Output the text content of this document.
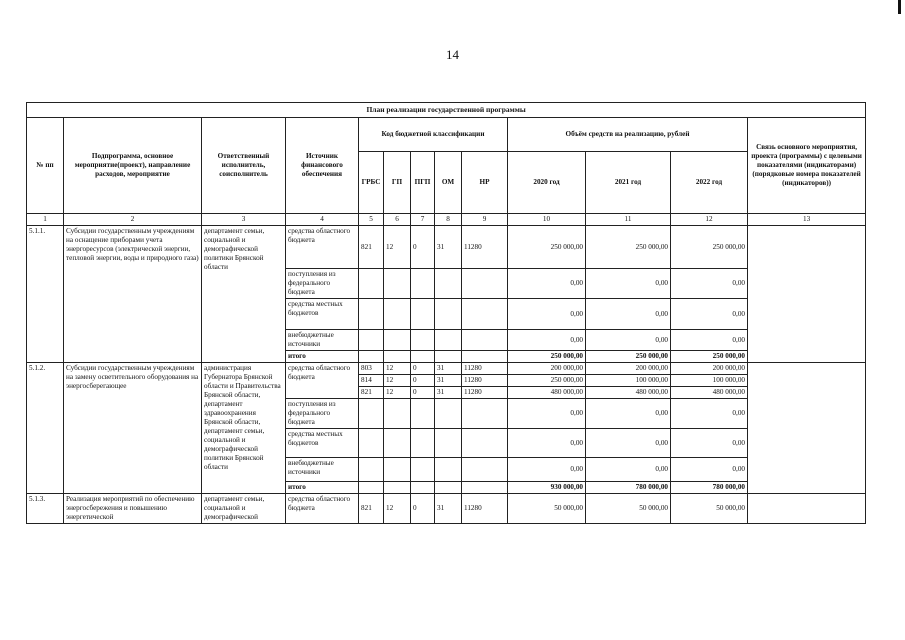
14
План реализации государственной программы												
№ пп	Подпрограмма, основное мероприятие(проект), направление расходов, мероприятие	Ответственный исполнитель, соисполнитель	Источник финансового обеспечения	Код бюджетной классификации					Объём средств на реализацию, рублей			Связь основного мероприятия, проекта (программы) с целевыми показателями (индикаторами) (порядковые номера показателей (индикаторов))
				ГРБС	ГП	ПГП	ОМ	НР	2020 год	2021 год	2022 год	
1	2	3	4	5	6	7	8	9	10	11	12	13
5.1.1.	Субсидии государственным учреждениям на оснащение приборами учета энергоресурсов (электрической энергии, тепловой энергии, воды и природного газа)	департамент семьи, социальной и демографической политики Брянской области	средства областного бюджета	821	12	0	31	11280	250 000,00	250 000,00	250 000,00	
			поступления из федерального бюджета						0,00	0,00	0,00	
			средства местных бюджетов						0,00	0,00	0,00	
			внебюджетные источники						0,00	0,00	0,00	
			итого						250 000,00	250 000,00	250 000,00	
5.1.2.	Субсидии государственным учреждениям на замену осветительного оборудования на энергосберегающее	администрация Губернатора Брянской области и Правительства Брянской области, департамент здравоохранения Брянской области, департамент семьи, социальной и демографической политики Брянской области	средства областного бюджета	803	12	0	31	11280	200 000,00	200 000,00	200 000,00	
				814	12	0	31	11280	250 000,00	100 000,00	100 000,00	
				821	12	0	31	11280	480 000,00	480 000,00	480 000,00	
			поступления из федерального бюджета						0,00	0,00	0,00	
			средства местных бюджетов						0,00	0,00	0,00	
			внебюджетные источники						0,00	0,00	0,00	
			итого						930 000,00	780 000,00	780 000,00	
5.1.3.	Реализация мероприятий по обеспечению энергосбережения и повышению энергетической	департамент семьи, социальной и демографической	средства областного бюджета	821	12	0	31	11280	50 000,00	50 000,00	50 000,00	
